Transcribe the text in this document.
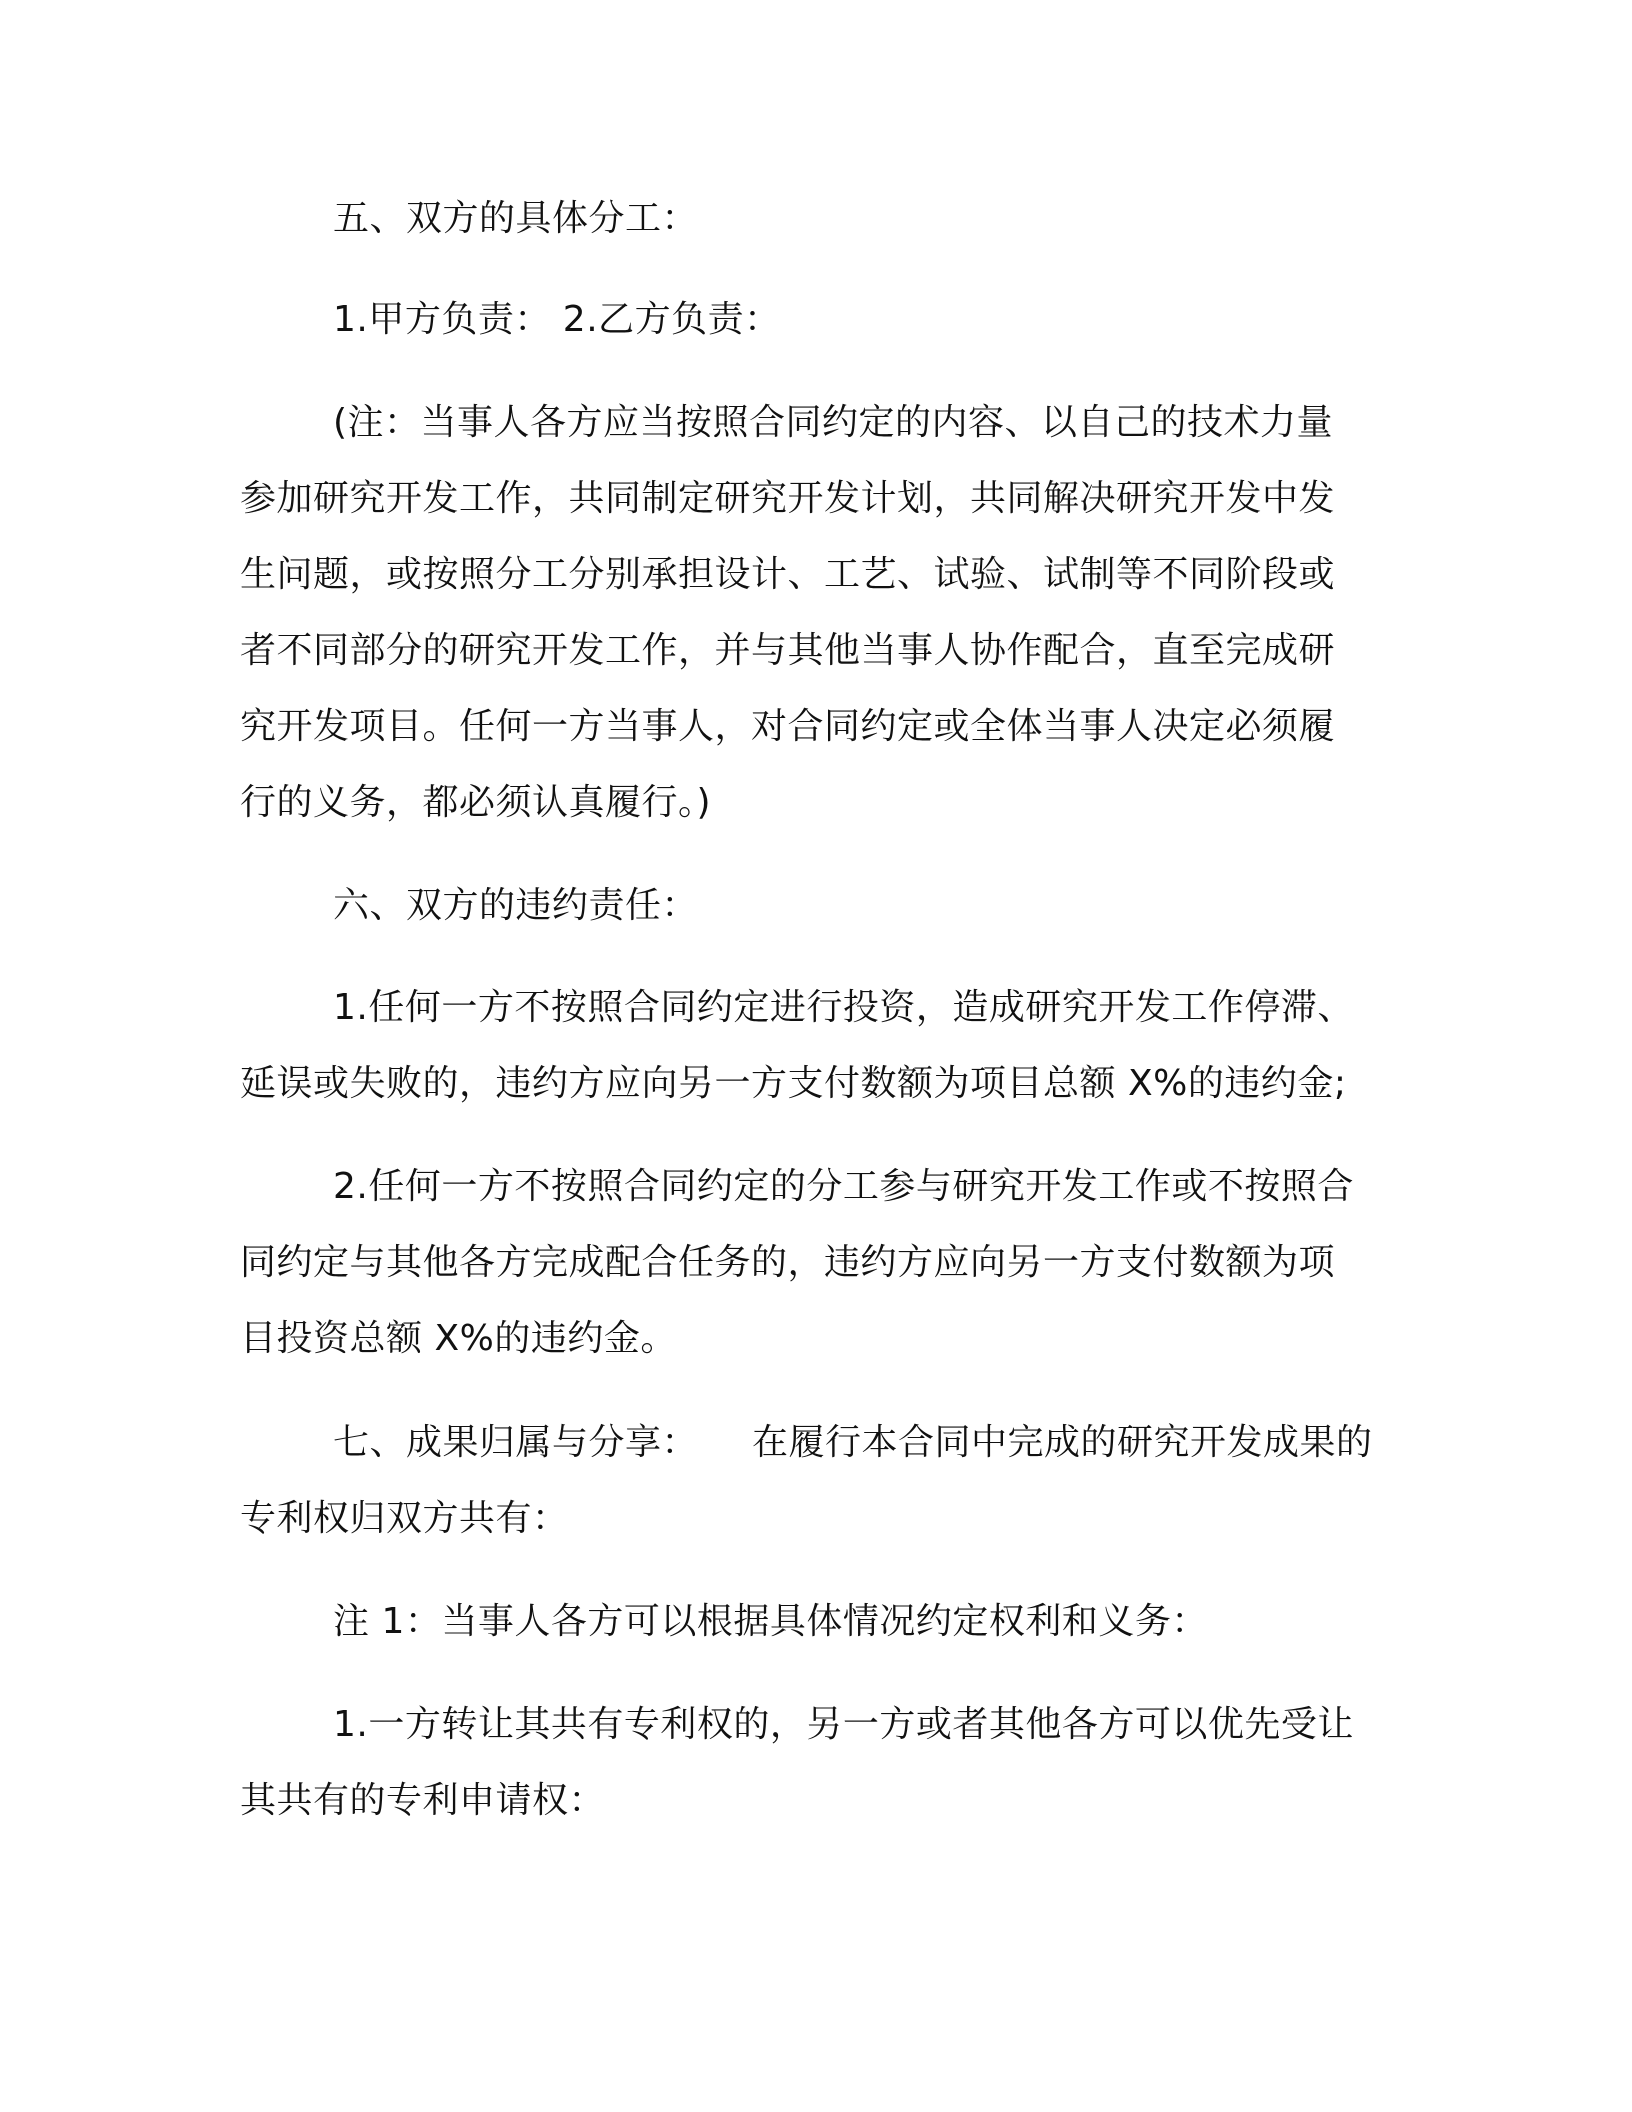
五、双方的具体分工：
1.甲方负责： 2.乙方负责：
(注：当事人各方应当按照合同约定的内容、以自己的技术力量
参加研究开发工作，共同制定研究开发计划，共同解决研究开发中发
生问题，或按照分工分别承担设计、工艺、试验、试制等不同阶段或
者不同部分的研究开发工作，并与其他当事人协作配合，直至完成研
究开发项目。任何一方当事人，对合同约定或全体当事人决定必须履
行的义务，都必须认真履行。)
六、双方的违约责任：
1.任何一方不按照合同约定进行投资，造成研究开发工作停滞、
延误或失败的，违约方应向另一方支付数额为项目总额 X%的违约金;
2.任何一方不按照合同约定的分工参与研究开发工作或不按照合
同约定与其他各方完成配合任务的，违约方应向另一方支付数额为项
目投资总额 X%的违约金。
七、成果归属与分享： 在履行本合同中完成的研究开发成果的
专利权归双方共有：
注 1：当事人各方可以根据具体情况约定权利和义务：
1.一方转让其共有专利权的，另一方或者其他各方可以优先受让
其共有的专利申请权：
